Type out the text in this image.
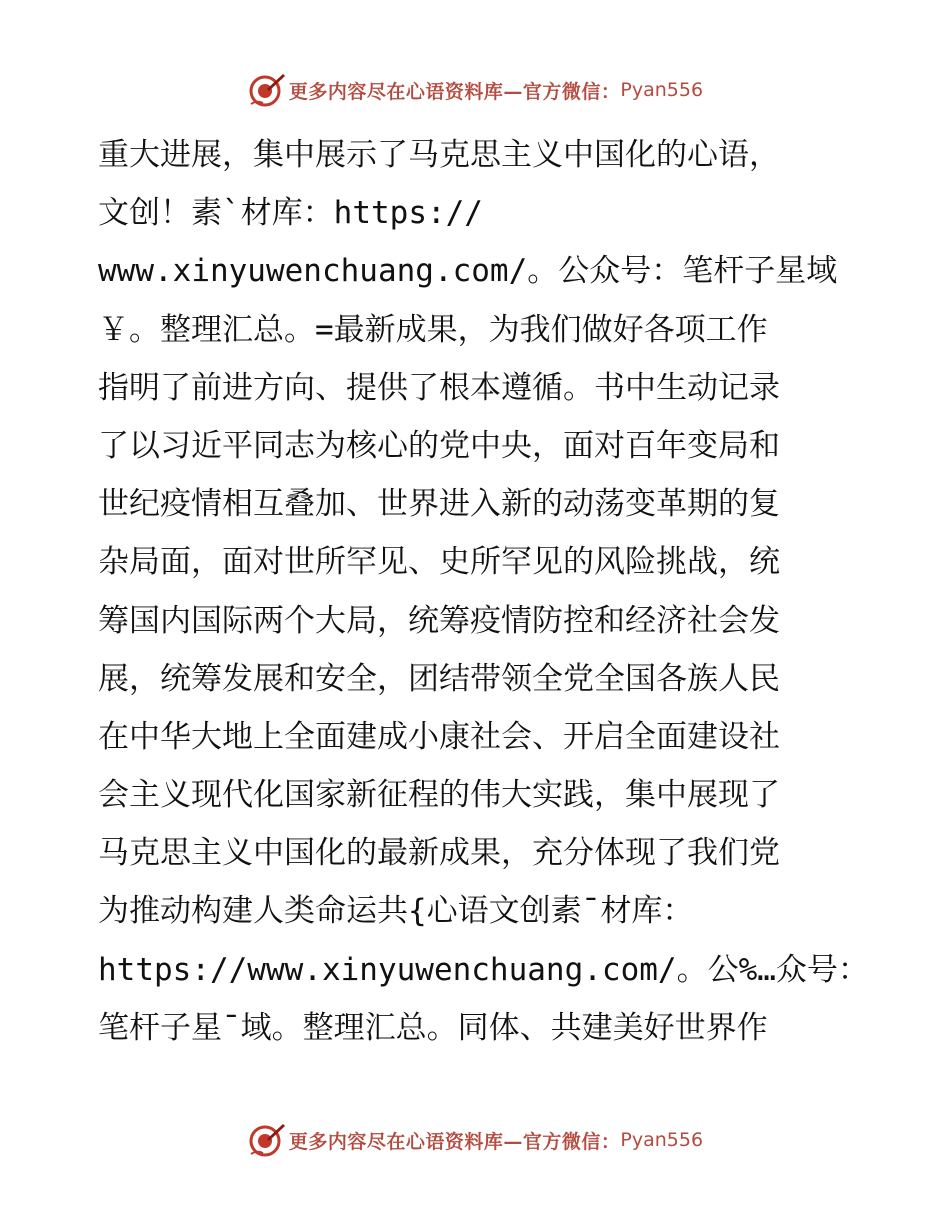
更多内容尽在心语资料库—官方微信： Pyan556
重大进展，集中展示了马克思主义中国化的心语，
文创！素`材库：https://
www.xinyuwenchuang.com/。公众号：笔杆子星域
￥。整理汇总。=最新成果，为我们做好各项工作
指明了前进方向、提供了根本遵循。书中生动记录
了以习近平同志为核心的党中央，面对百年变局和
世纪疫情相互叠加、世界进入新的动荡变革期的复
杂局面，面对世所罕见、史所罕见的风险挑战，统
筹国内国际两个大局，统筹疫情防控和经济社会发
展，统筹发展和安全，团结带领全党全国各族人民
在中华大地上全面建成小康社会、开启全面建设社
会主义现代化国家新征程的伟大实践，集中展现了
马克思主义中国化的最新成果，充分体现了我们党
为推动构建人类命运共{心语文创素¯材库：
https://www.xinyuwenchuang.com/。公%…众号：
笔杆子星¯域。整理汇总。同体、共建美好世界作
更多内容尽在心语资料库—官方微信： Pyan556
